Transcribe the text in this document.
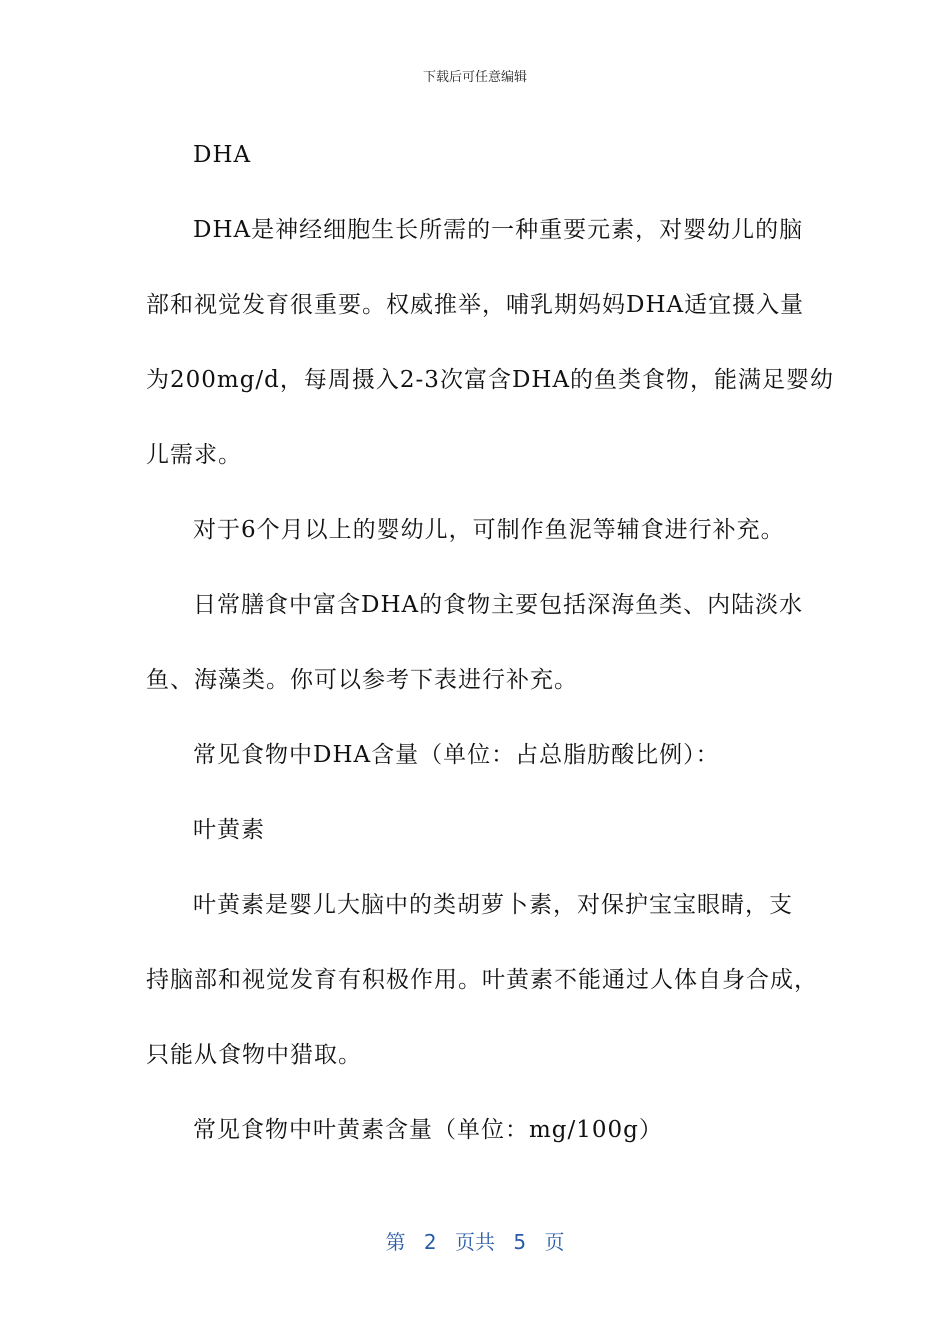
下载后可任意编辑
DHA
DHA是神经细胞生长所需的一种重要元素，对婴幼儿的脑
部和视觉发育很重要。权威推举，哺乳期妈妈DHA适宜摄入量
为200mg/d，每周摄入2-3次富含DHA的鱼类食物，能满足婴幼
儿需求。
对于6个月以上的婴幼儿，可制作鱼泥等辅食进行补充。
日常膳食中富含DHA的食物主要包括深海鱼类、内陆淡水
鱼、海藻类。你可以参考下表进行补充。
常见食物中DHA含量（单位：占总脂肪酸比例）：
叶黄素
叶黄素是婴儿大脑中的类胡萝卜素，对保护宝宝眼睛，支
持脑部和视觉发育有积极作用。叶黄素不能通过人体自身合成，
只能从食物中猎取。
常见食物中叶黄素含量（单位：mg/100g）
第 2 页共 5 页
